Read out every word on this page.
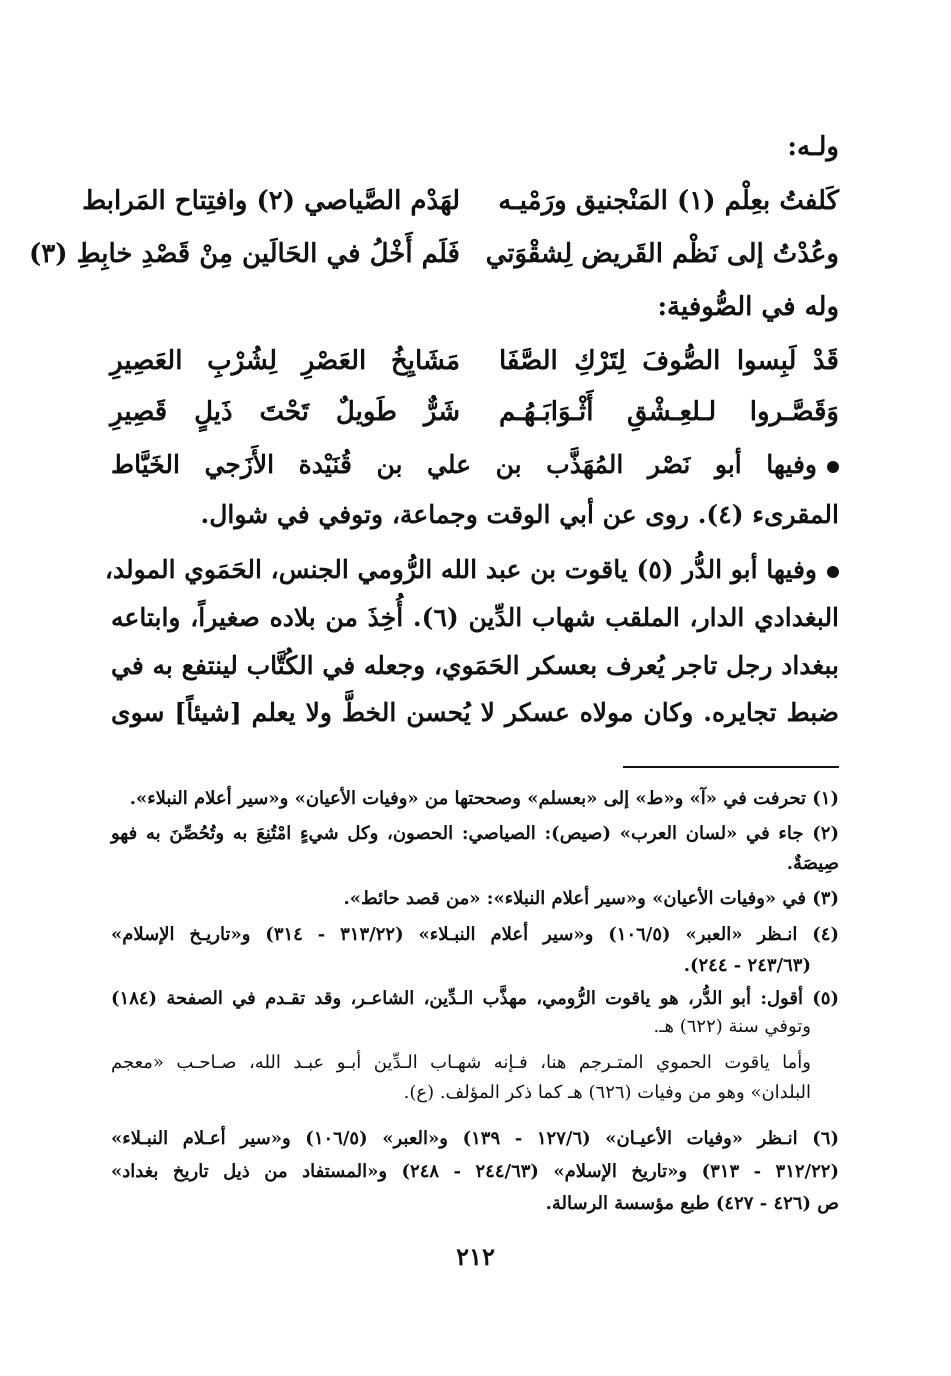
ولـه:
كَلفتُ بعِلْم (١) المَنْجنيق ورَمْيـه
لهَدْم الصَّياصي (٢) وافتِتاح المَرابط
وعُدْتُ إلى نَظْم القَريض لِشقْوَتي
فَلَم أَخْلُ في الحَالَين مِنْ قَصْدِ خابِطِ (٣)
وله في الصُّوفية:
قَدْ لَبِسوا الصُّوفَ لِتَرْكِ الصَّفَا
مَشَايِخُ العَصْرِ لِشُرْبِ العَصِيرِ
وَقَصَّـروا لـلعِـشْقِ أَثْـوَابَـهُـم
شَرٌّ طَويلٌ تَحْتَ ذَيلٍ قَصِيرِ
وفيها أبو نَصْر المُهَذَّب بن علي بن قُنَيْدة الأَزَجي الخَيَّاط
المقرىء (٤). روى عن أبي الوقت وجماعة، وتوفي في شوال.
وفيها أبو الدُّر (٥) ياقوت بن عبد الله الرُّومي الجنس، الحَمَوي المولد،
البغدادي الدار، الملقب شهاب الدِّين (٦). أُخِذَ من بلاده صغيراً، وابتاعه
ببغداد رجل تاجر يُعرف بعسكر الحَمَوي، وجعله في الكُتَّاب لينتفع به في
ضبط تجايره. وكان مولاه عسكر لا يُحسن الخطَّ ولا يعلم [شيئاً] سوى
(١) تحرفت في «آ» و«ط» إلى «بعسلم» وصححتها من «وفيات الأعيان» و«سير أعلام النبلاء».
(٢) جاء في «لسان العرب» (صيص): الصياصي: الحصون، وكل شيءٍ امْتُنِعَ به وتُحُصِّنَ به فهو
صِيصَةٌ.
(٣) في «وفيات الأعيان» و«سير أعلام النبلاء»: «من قصد حائط».
(٤) انـظر «العبر» (١٠٦/٥) و«سير أعلام النبـلاء» (٣١٣/٢٢ - ٣١٤) و«تاريـخ الإسلام»
(٢٤٣/٦٣ - ٢٤٤).
(٥) أقول: أبو الدُّر، هو ياقوت الرُّومي، مهذَّب الـدِّين، الشاعـر، وقد تقـدم في الصفحة (١٨٤)
وتوفي سنة (٦٢٢) هـ.
وأما ياقوت الحموي المتـرجم هنا، فـإنه شهـاب الـدِّين أبـو عبـد الله، صـاحـب «معجم
البلدان» وهو من وفيات (٦٢٦) هـ كما ذكر المؤلف. (ع).
(٦) انـظر «وفيات الأعيـان» (١٢٧/٦ - ١٣٩) و«العبر» (١٠٦/٥) و«سير أعـلام النبـلاء»
(٣١٢/٢٢ - ٣١٣) و«تاريخ الإسلام» (٢٤٤/٦٣ - ٢٤٨) و«المستفاد من ذيل تاريخ بغداد»
ص (٤٢٦ - ٤٢٧) طبع مؤسسة الرسالة.
٢١٢
